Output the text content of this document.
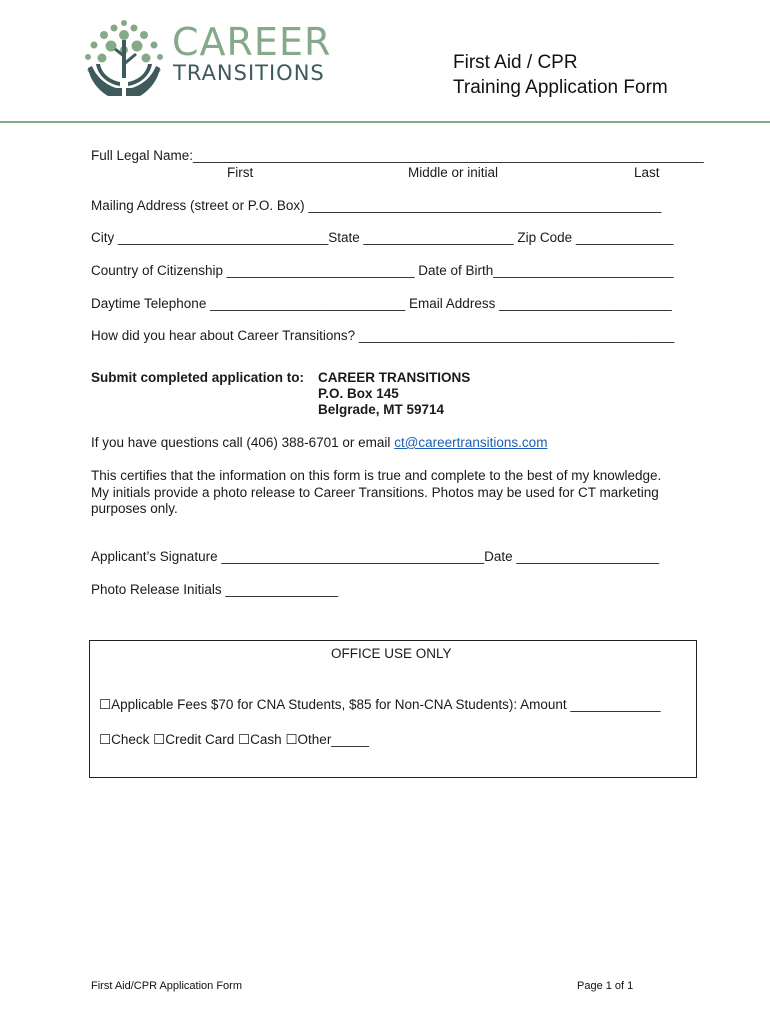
CAREER
TRANSITIONS	First Aid / CPR
Training Application Form
Full Legal Name:____________________________________________________________________
First	Middle or initial	Last
Mailing Address (street or P.O. Box) _______________________________________________
City ____________________________State ____________________ Zip Code _____________
Country of Citizenship _________________________ Date of Birth________________________
Daytime Telephone __________________________ Email Address _______________________
How did you hear about Career Transitions? __________________________________________
Submit completed application to: CAREER TRANSITIONS
P.O. Box 145
Belgrade, MT 59714
If you have questions call (406) 388-6701 or email ct@careertransitions.com
This certifies that the information on this form is true and complete to the best of my knowledge.
My initials provide a photo release to Career Transitions. Photos may be used for CT marketing
purposes only.
Applicant’s Signature ___________________________________Date ___________________
Photo Release Initials _______________
OFFICE USE ONLY
☐Applicable Fees $70 for CNA Students, $85 for Non-CNA Students): Amount ____________
☐Check ☐Credit Card ☐Cash ☐Other_____
First Aid/CPR Application Form	Page 1 of 1
